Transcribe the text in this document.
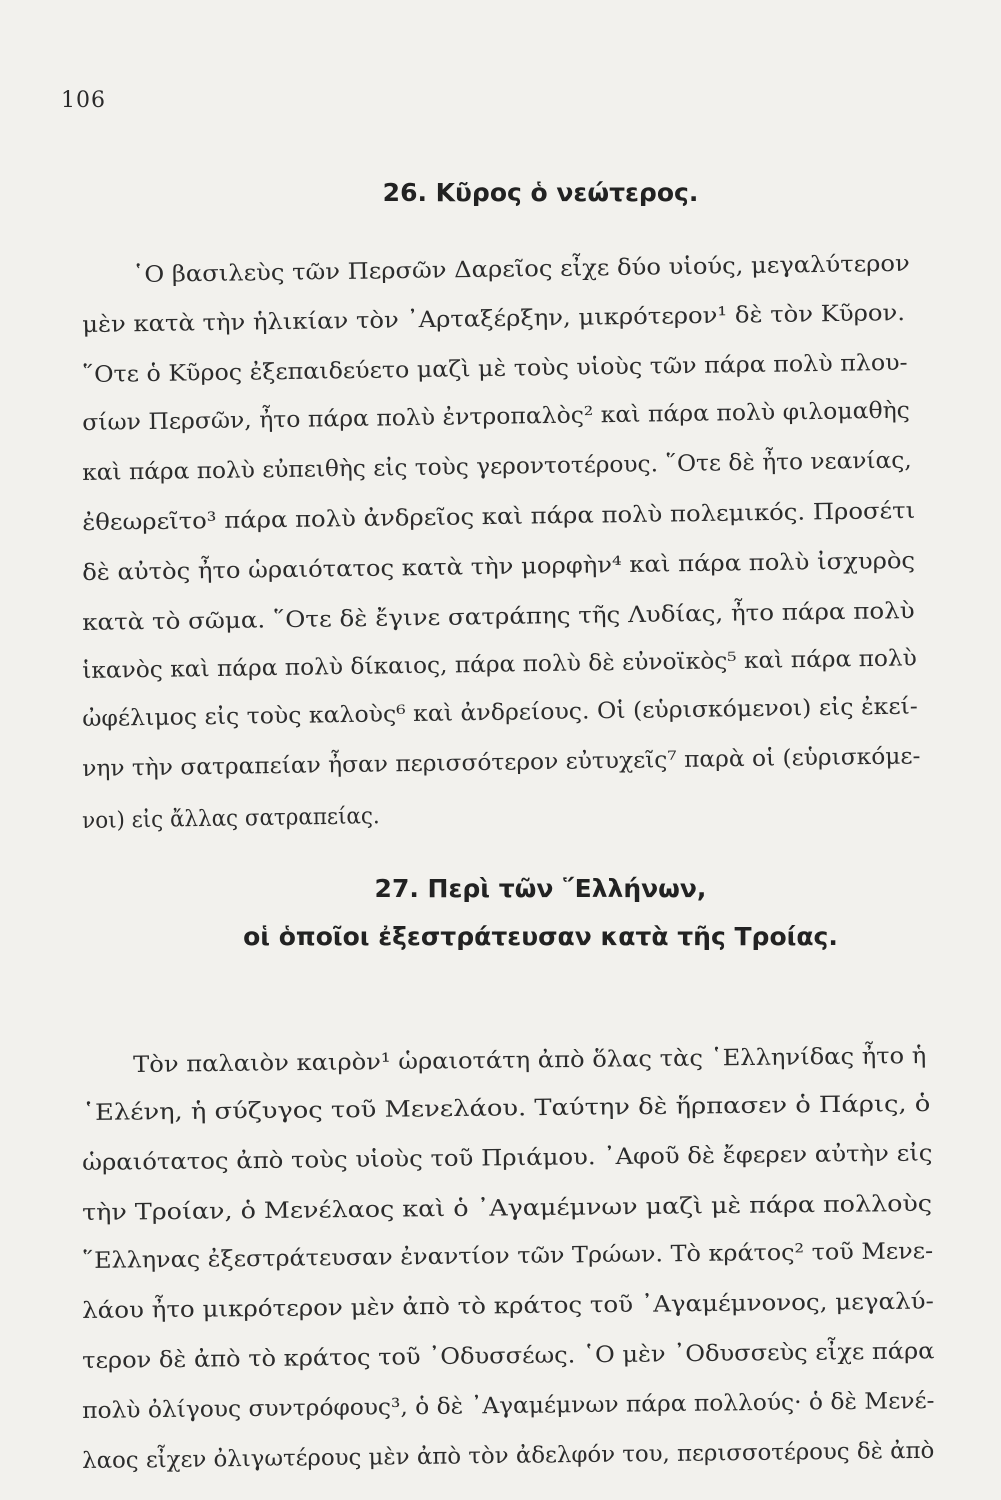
106
26. Κῦρος ὁ νεώτερος.
῾Ο βασιλεὺς τῶν Περσῶν Δαρεῖος εἶχε δύο υἱούς, μεγαλύτερον
μὲν κατὰ τὴν ἡλικίαν τὸν ᾿Αρταξέρξην, μικρότερον¹ δὲ τὸν Κῦρον.
῞Οτε ὁ Κῦρος ἐξεπαιδεύετο μαζὶ μὲ τοὺς υἱοὺς τῶν πάρα πολὺ πλου-
σίων Περσῶν, ἦτο πάρα πολὺ ἐντροπαλὸς² καὶ πάρα πολὺ φιλομαθὴς
καὶ πάρα πολὺ εὐπειθὴς εἰς τοὺς γεροντοτέρους. ῞Οτε δὲ ἦτο νεανίας,
ἐθεωρεῖτο³ πάρα πολὺ ἀνδρεῖος καὶ πάρα πολὺ πολεμικός. Προσέτι
δὲ αὐτὸς ἦτο ὡραιότατος κατὰ τὴν μορφὴν⁴ καὶ πάρα πολὺ ἰσχυρὸς
κατὰ τὸ σῶμα. ῞Οτε δὲ ἔγινε σατράπης τῆς Λυδίας, ἦτο πάρα πολὺ
ἱκανὸς καὶ πάρα πολὺ δίκαιος, πάρα πολὺ δὲ εὐνοϊκὸς⁵ καὶ πάρα πολὺ
ὠφέλιμος εἰς τοὺς καλοὺς⁶ καὶ ἀνδρείους. Οἱ (εὑρισκόμενοι) εἰς ἐκεί-
νην τὴν σατραπείαν ἦσαν περισσότερον εὐτυχεῖς⁷ παρὰ οἱ (εὑρισκόμε-
νοι) εἰς ἄλλας σατραπείας.
27. Περὶ τῶν ῞Ελλήνων,
οἱ ὁποῖοι ἐξεστράτευσαν κατὰ τῆς Τροίας.
Τὸν παλαιὸν καιρὸν¹ ὡραιοτάτη ἀπὸ ὅλας τὰς ῾Ελληνίδας ἦτο ἡ
῾Ελένη, ἡ σύζυγος τοῦ Μενελάου. Ταύτην δὲ ἥρπασεν ὁ Πάρις, ὁ
ὡραιότατος ἀπὸ τοὺς υἱοὺς τοῦ Πριάμου. ᾿Αφοῦ δὲ ἔφερεν αὐτὴν εἰς
τὴν Τροίαν, ὁ Μενέλαος καὶ ὁ ᾿Αγαμέμνων μαζὶ μὲ πάρα πολλοὺς
῞Ελληνας ἐξεστράτευσαν ἐναντίον τῶν Τρώων. Τὸ κράτος² τοῦ Μενε-
λάου ἦτο μικρότερον μὲν ἀπὸ τὸ κράτος τοῦ ᾿Αγαμέμνονος, μεγαλύ-
τερον δὲ ἀπὸ τὸ κράτος τοῦ ᾿Οδυσσέως. ῾Ο μὲν ᾿Οδυσσεὺς εἶχε πάρα
πολὺ ὀλίγους συντρόφους³, ὁ δὲ ᾿Αγαμέμνων πάρα πολλούς· ὁ δὲ Μενέ-
λαος εἶχεν ὀλιγωτέρους μὲν ἀπὸ τὸν ἀδελφόν του, περισσοτέρους δὲ ἀπὸ
